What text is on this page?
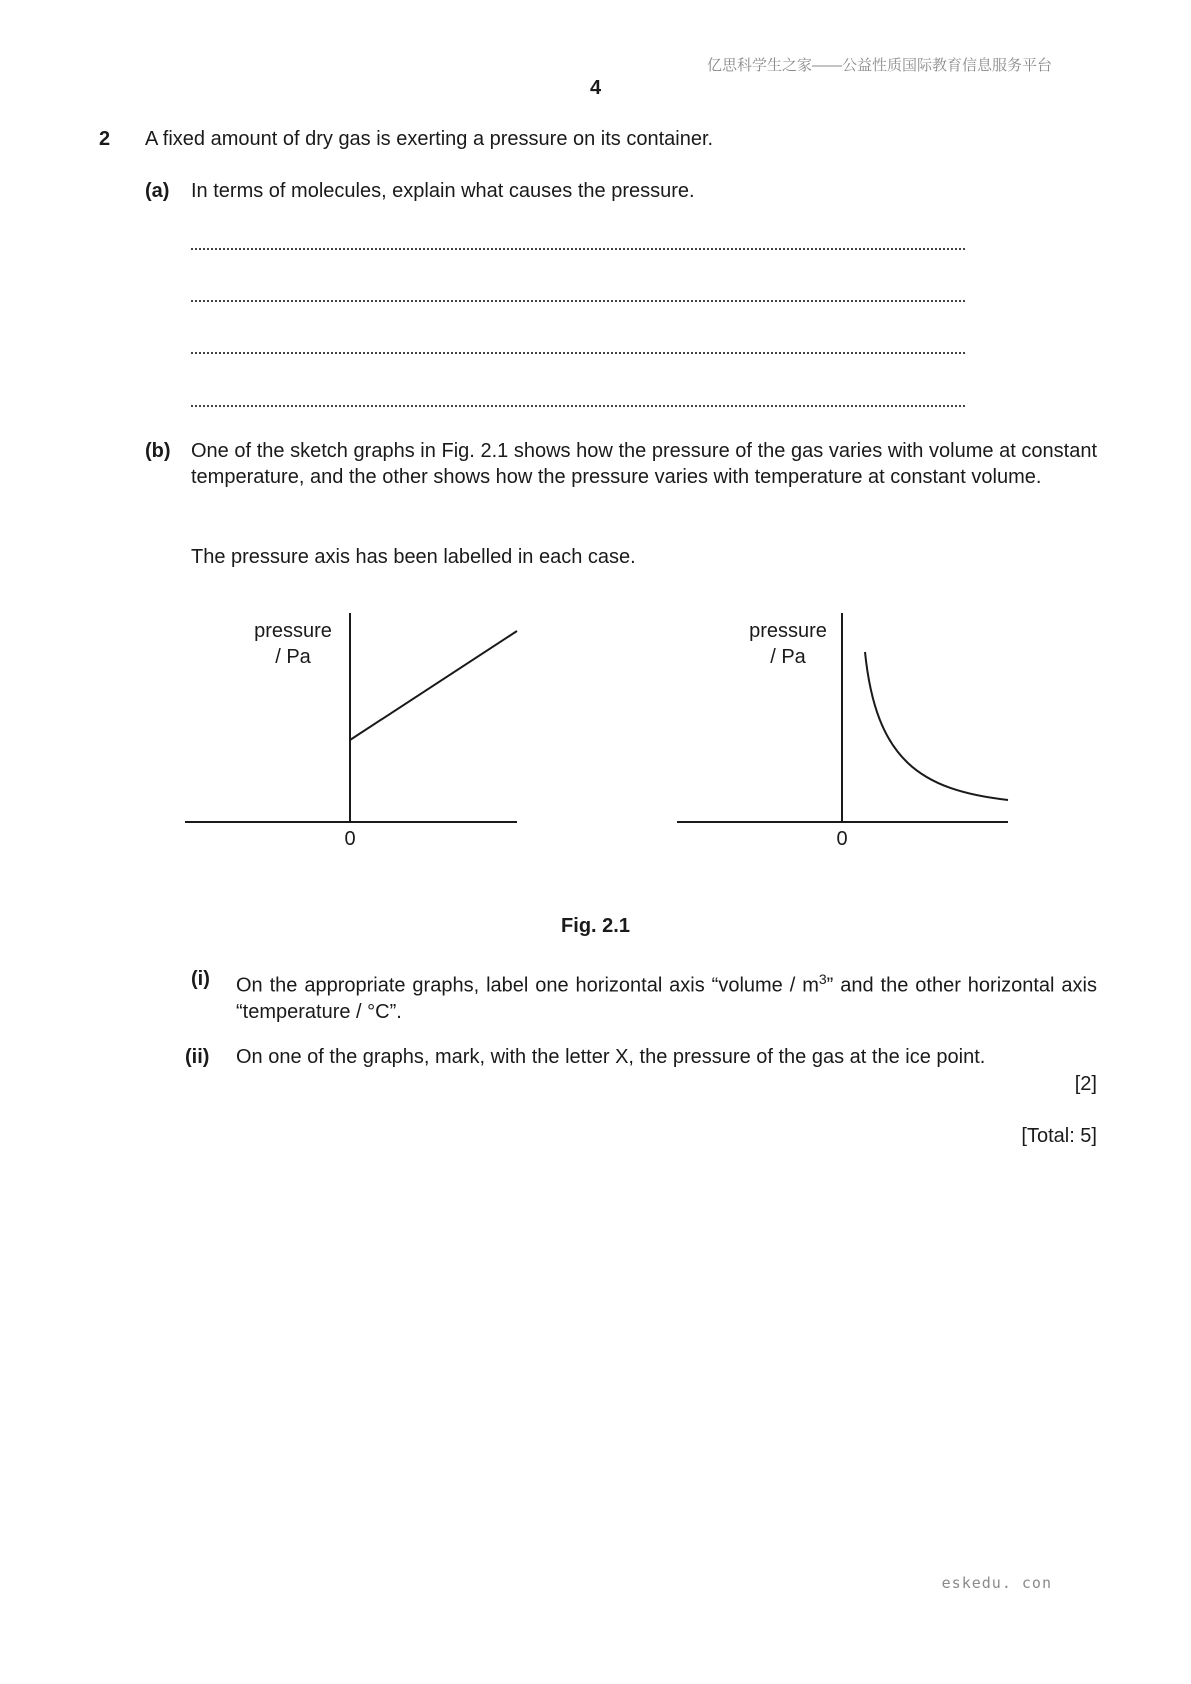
亿思科学生之家——公益性质国际教育信息服务平台
4
2 A fixed amount of dry gas is exerting a pressure on its container.
(a) In terms of molecules, explain what causes the pressure.
(b) One of the sketch graphs in Fig. 2.1 shows how the pressure of the gas varies with volume at constant temperature, and the other shows how the pressure varies with temperature at constant volume.
The pressure axis has been labelled in each case.
pressure
/ Pa
0
pressure
/ Pa
0
Fig. 2.1
(i) On the appropriate graphs, label one horizontal axis “volume / $m^3$” and the other horizontal axis “temperature / °C”.
(ii) On one of the graphs, mark, with the letter X, the pressure of the gas at the ice point.
[2]
[Total: 5]
eskedu. con
